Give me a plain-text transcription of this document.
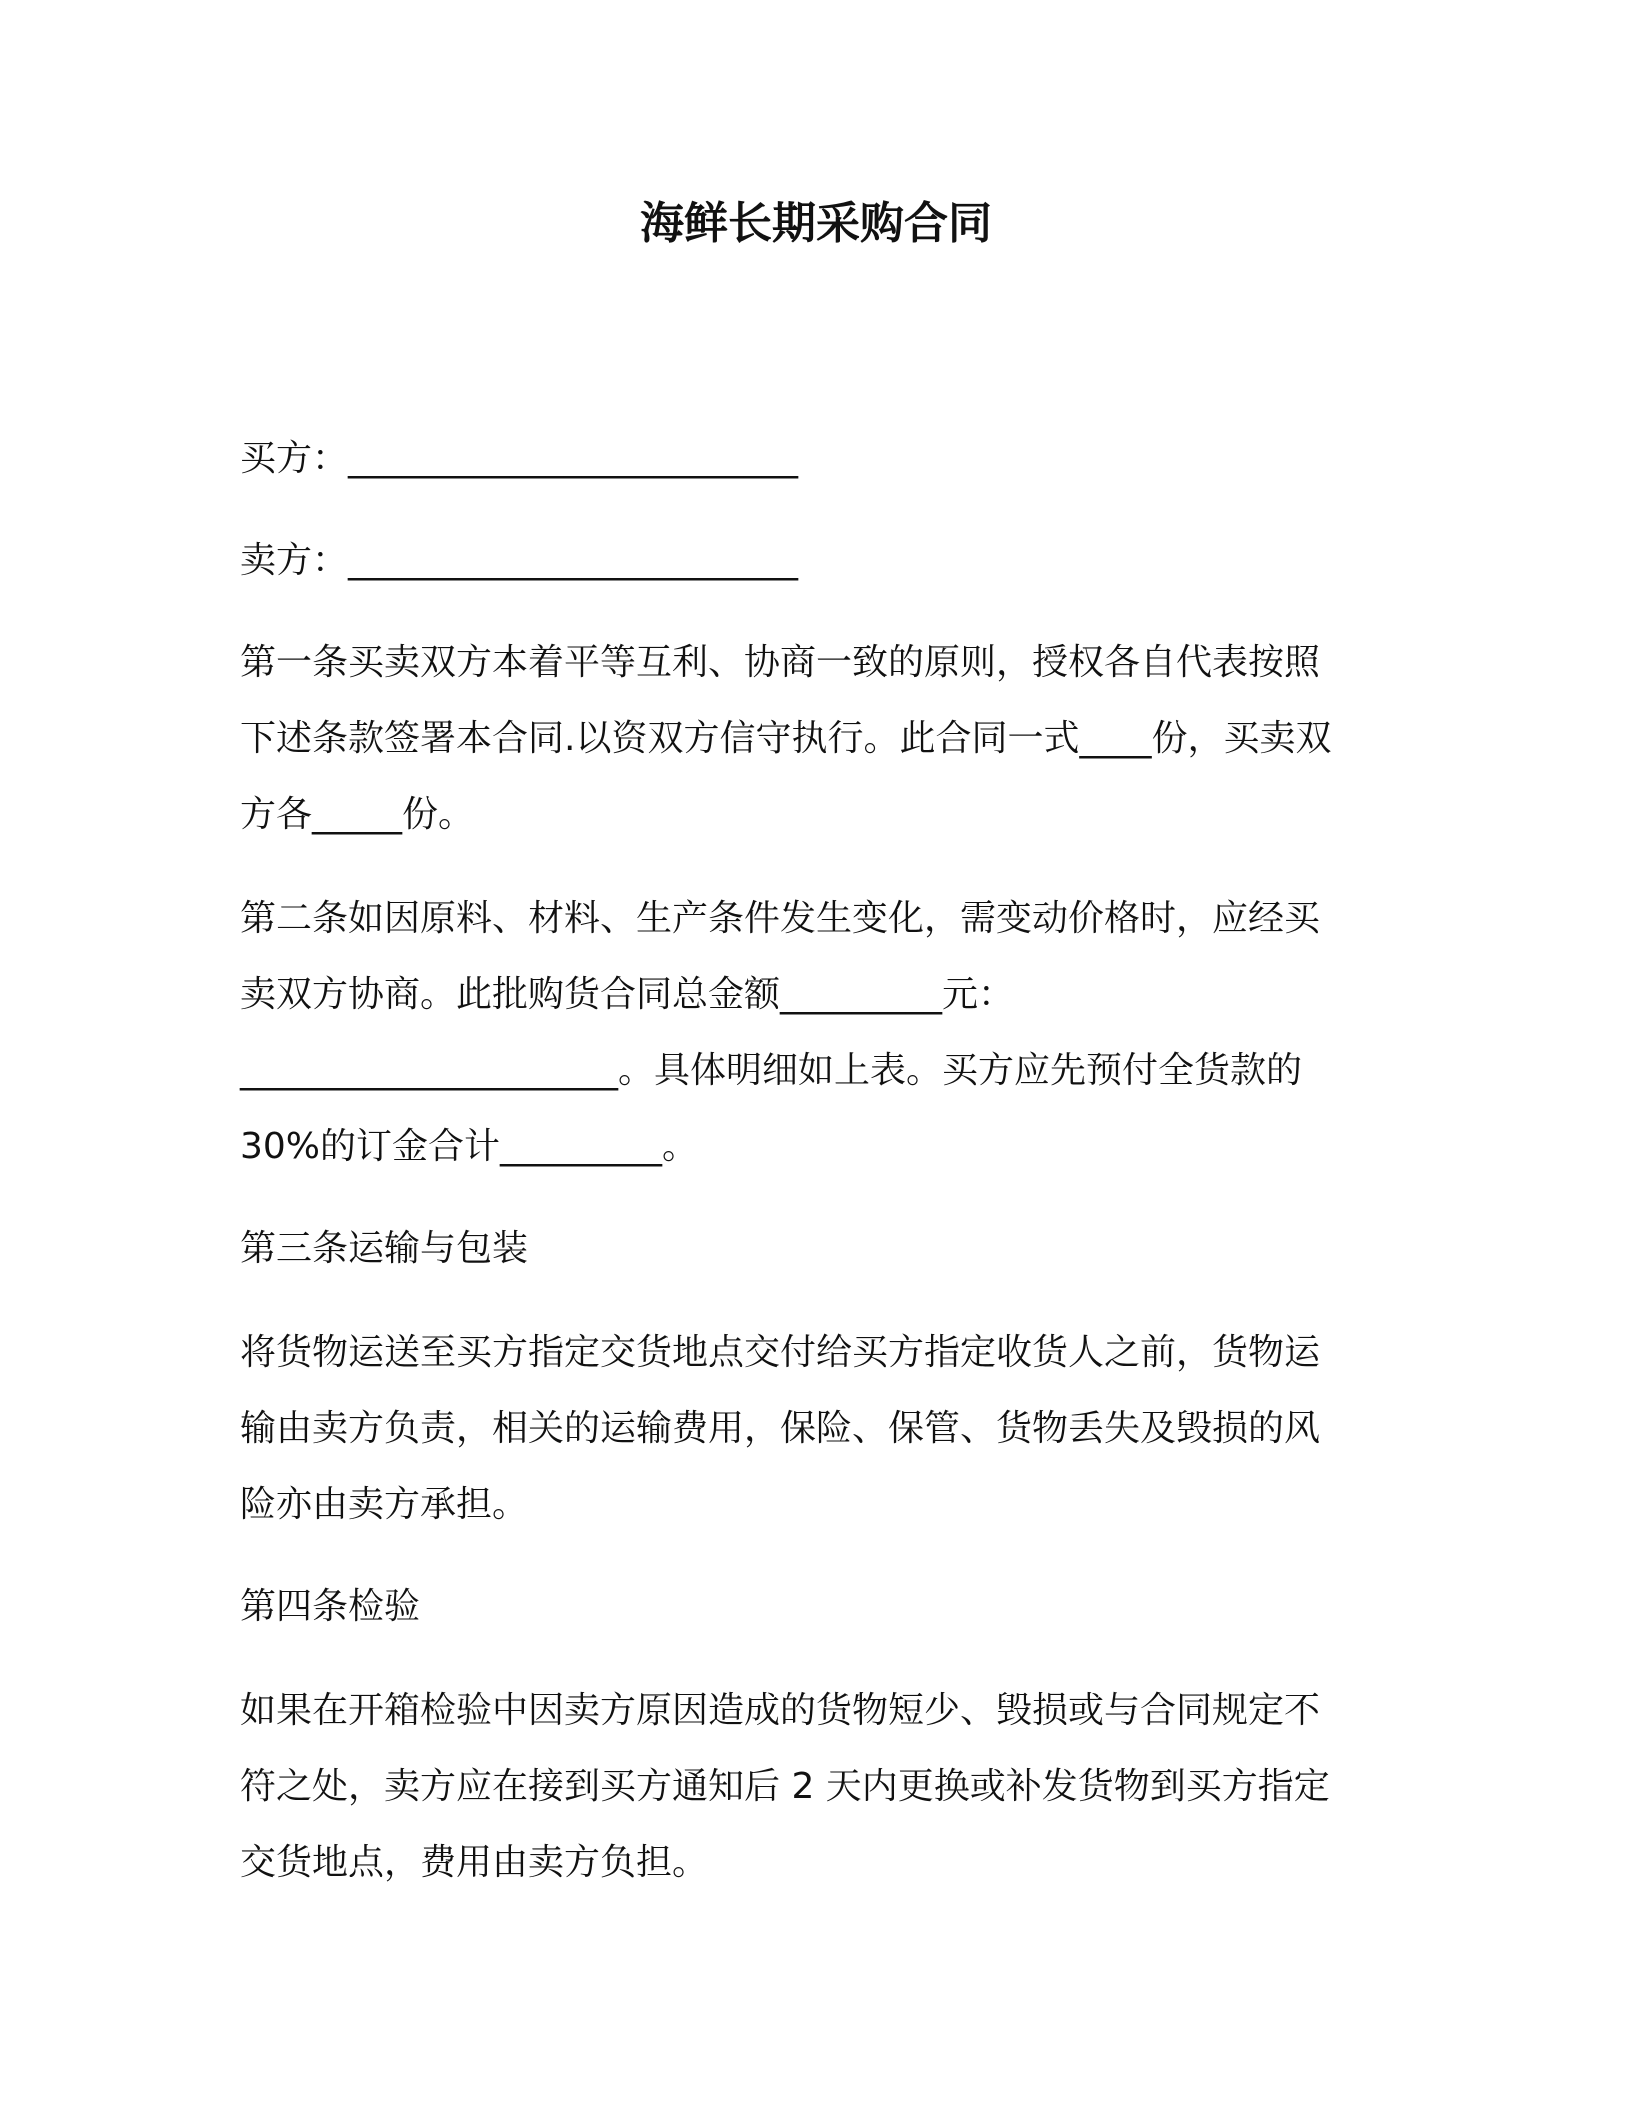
海鲜长期采购合同

买方：_________________________

卖方：_________________________

第一条买卖双方本着平等互利、协商一致的原则，授权各自代表按照

下述条款签署本合同.以资双方信守执行。此合同一式____份，买卖双

方各_____份。

第二条如因原料、材料、生产条件发生变化，需变动价格时，应经买

卖双方协商。此批购货合同总金额_________元：

_____________________。具体明细如上表。买方应先预付全货款的

30%的订金合计_________。

第三条运输与包装

将货物运送至买方指定交货地点交付给买方指定收货人之前，货物运

输由卖方负责，相关的运输费用，保险、保管、货物丢失及毁损的风

险亦由卖方承担。

第四条检验

如果在开箱检验中因卖方原因造成的货物短少、毁损或与合同规定不

符之处，卖方应在接到买方通知后 2 天内更换或补发货物到买方指定

交货地点，费用由卖方负担。
